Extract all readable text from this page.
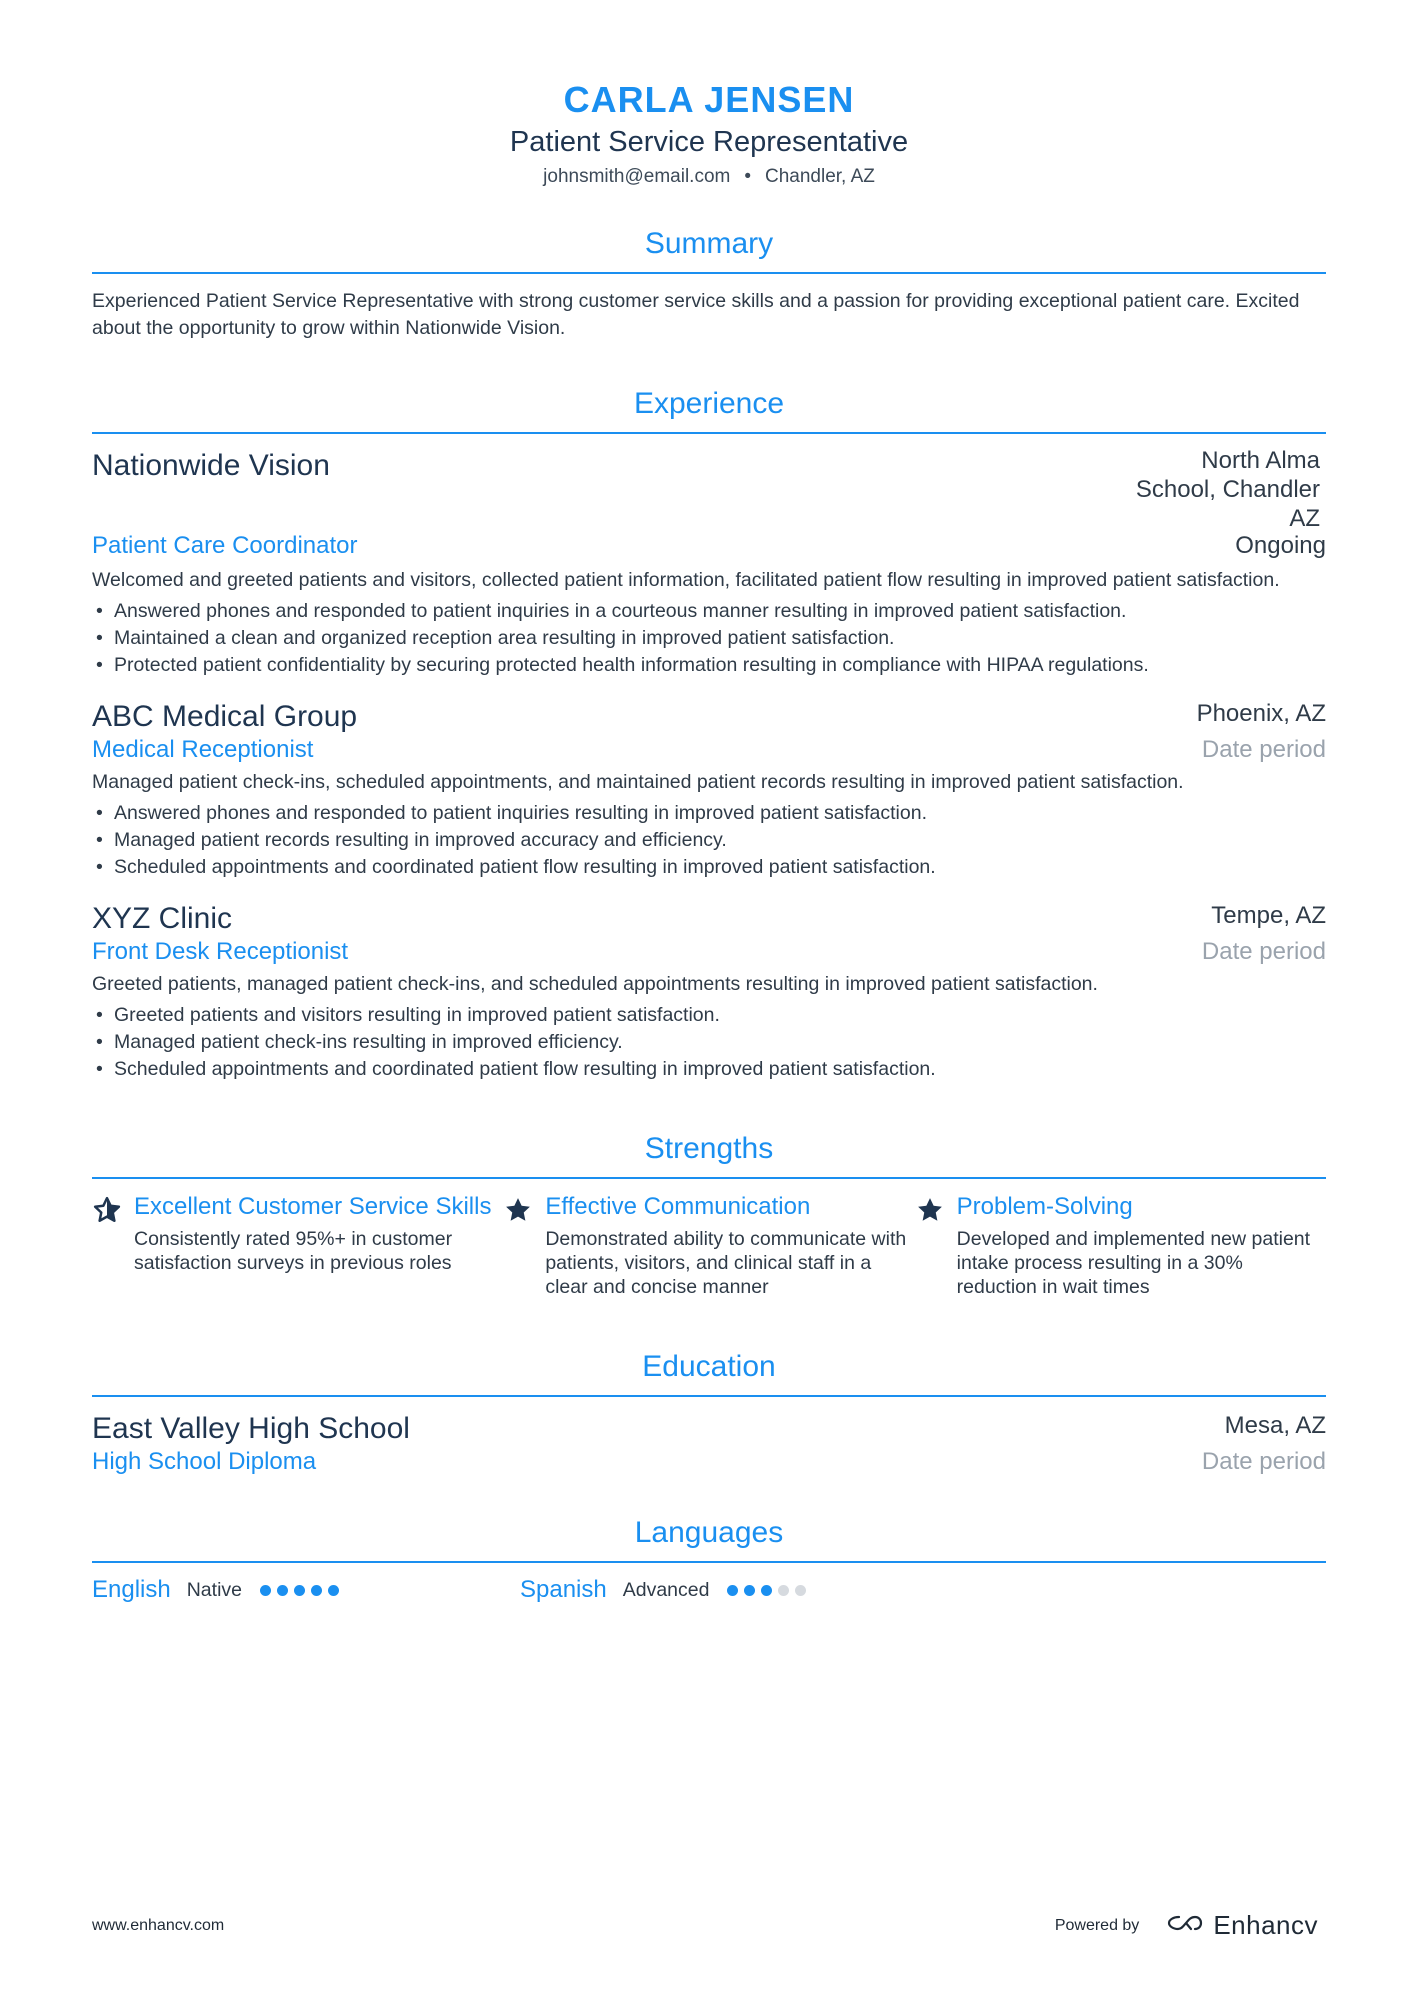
CARLA JENSEN
Patient Service Representative
johnsmith@email.com • Chandler, AZ
Summary
Experienced Patient Service Representative with strong customer service skills and a passion for providing exceptional patient care. Excited about the opportunity to grow within Nationwide Vision.
Experience
Nationwide Vision	North Alma
School, Chandler
AZ
Patient Care Coordinator	Ongoing
Welcomed and greeted patients and visitors, collected patient information, facilitated patient flow resulting in improved patient satisfaction.
• Answered phones and responded to patient inquiries in a courteous manner resulting in improved patient satisfaction.
• Maintained a clean and organized reception area resulting in improved patient satisfaction.
• Protected patient confidentiality by securing protected health information resulting in compliance with HIPAA regulations.
ABC Medical Group	Phoenix, AZ
Medical Receptionist	Date period
Managed patient check-ins, scheduled appointments, and maintained patient records resulting in improved patient satisfaction.
• Answered phones and responded to patient inquiries resulting in improved patient satisfaction.
• Managed patient records resulting in improved accuracy and efficiency.
• Scheduled appointments and coordinated patient flow resulting in improved patient satisfaction.
XYZ Clinic	Tempe, AZ
Front Desk Receptionist	Date period
Greeted patients, managed patient check-ins, and scheduled appointments resulting in improved patient satisfaction.
• Greeted patients and visitors resulting in improved patient satisfaction.
• Managed patient check-ins resulting in improved efficiency.
• Scheduled appointments and coordinated patient flow resulting in improved patient satisfaction.
Strengths
Excellent Customer Service Skills
Consistently rated 95%+ in customer satisfaction surveys in previous roles
Effective Communication
Demonstrated ability to communicate with patients, visitors, and clinical staff in a clear and concise manner
Problem-Solving
Developed and implemented new patient intake process resulting in a 30% reduction in wait times
Education
East Valley High School	Mesa, AZ
High School Diploma	Date period
Languages
English Native	Spanish Advanced
www.enhancv.com	Powered by	Enhancv
